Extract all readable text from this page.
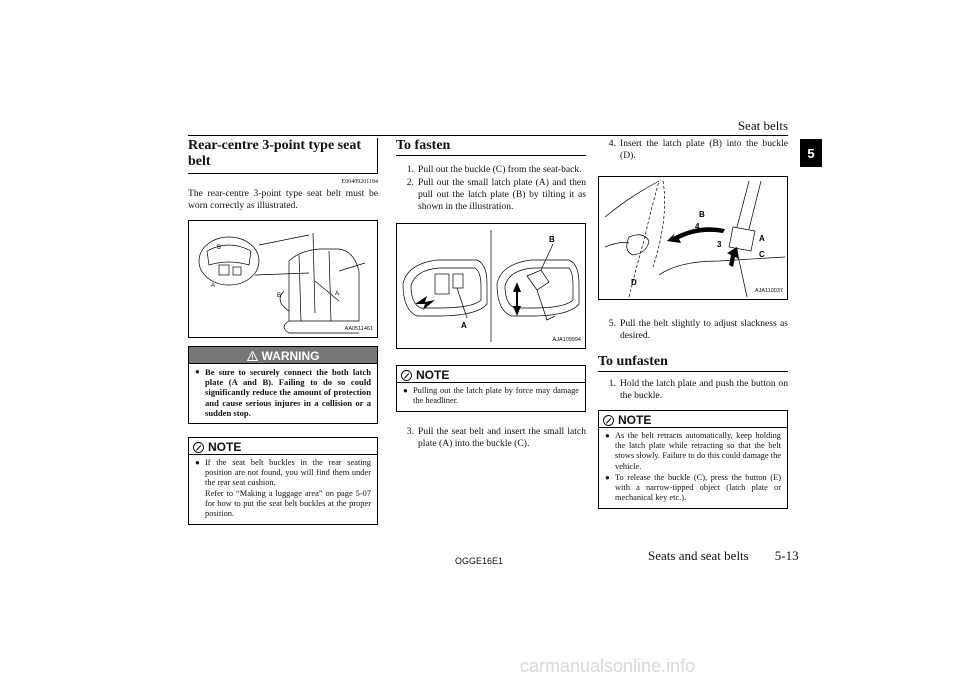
Seat belts
5
Rear-centre 3-point type seat belt
E00409201184

The rear-centre 3-point type seat belt must be worn correctly as illustrated.

B
A
B	A
AA0511461
WARNING
● Be sure to securely connect the both latch plate (A and B). Failing to do so could significantly reduce the amount of protection and cause serious injures in a collision or a sudden stop.
NOTE
● If the seat belt buckles in the rear seating position are not found, you will find them under the rear seat cushion.
Refer to “Making a luggage area” on page 5-07 for how to put the seat belt buckles at the proper position.
To fasten
1. Pull out the buckle (C) from the seat-back.
2. Pull out the small latch plate (A) and then pull out the latch plate (B) by tilting it as shown in the illustration.
A
B
AJA109994
NOTE
● Pulling out the latch plate by force may damage the headliner.
3. Pull the seat belt and insert the small latch plate (A) into the buckle (C).
4. Insert the latch plate (B) into the buckle (D).
B
4
3
A
C
D
AJA110037
5. Pull the belt slightly to adjust slackness as desired.
To unfasten
1. Hold the latch plate and push the button on the buckle.
NOTE
● As the belt retracts automatically, keep holding the latch plate while retracting so that the belt stows slowly. Failure to do this could damage the vehicle.
● To release the buckle (C), press the button (E) with a narrow-tipped object (latch plate or mechanical key etc.).
OGGE16E1	Seats and seat belts 5-13
carmanualsonline.info
